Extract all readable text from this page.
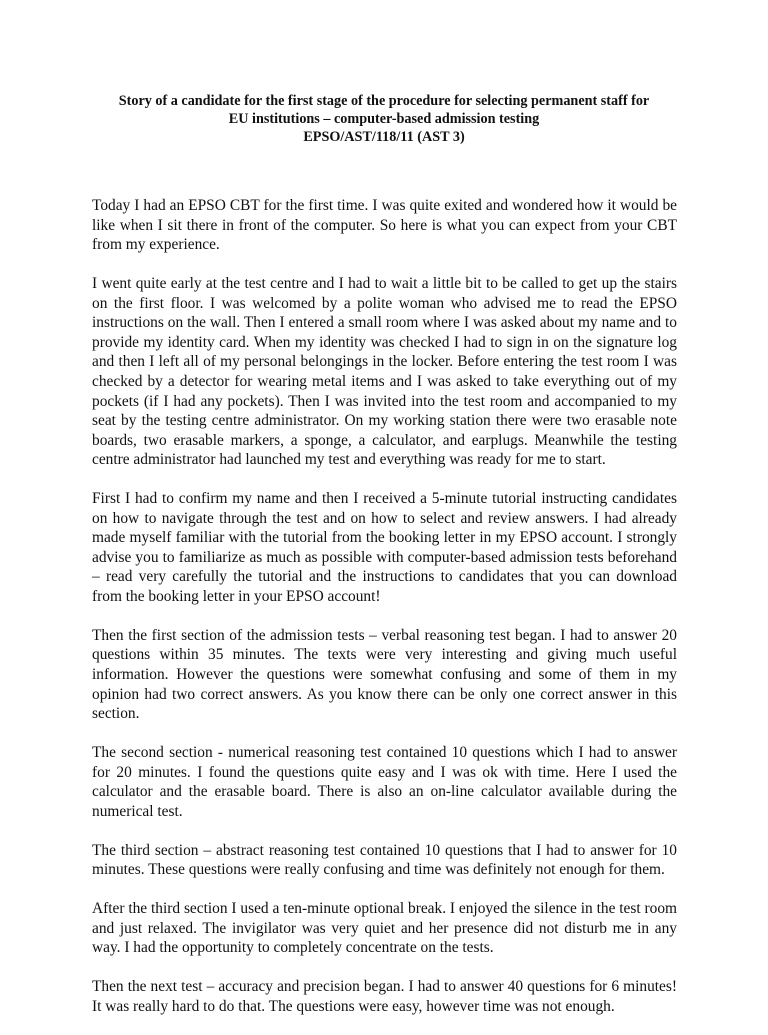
Story of a candidate for the first stage of the procedure for selecting permanent staff for
EU institutions – computer-based admission testing
EPSO/AST/118/11 (AST 3)

Today I had an EPSO CBT for the first time. I was quite exited and wondered how it would be like when I sit there in front of the computer. So here is what you can expect from your CBT from my experience.

I went quite early at the test centre and I had to wait a little bit to be called to get up the stairs on the first floor. I was welcomed by a polite woman who advised me to read the EPSO instructions on the wall. Then I entered a small room where I was asked about my name and to provide my identity card. When my identity was checked I had to sign in on the signature log and then I left all of my personal belongings in the locker. Before entering the test room I was checked by a detector for wearing metal items and I was asked to take everything out of my pockets (if I had any pockets). Then I was invited into the test room and accompanied to my seat by the testing centre administrator. On my working station there were two erasable note boards, two erasable markers, a sponge, a calculator, and earplugs. Meanwhile the testing centre administrator had launched my test and everything was ready for me to start.

First I had to confirm my name and then I received a 5-minute tutorial instructing candidates on how to navigate through the test and on how to select and review answers. I had already made myself familiar with the tutorial from the booking letter in my EPSO account. I strongly advise you to familiarize as much as possible with computer-based admission tests beforehand – read very carefully the tutorial and the instructions to candidates that you can download from the booking letter in your EPSO account!

Then the first section of the admission tests – verbal reasoning test began. I had to answer 20 questions within 35 minutes. The texts were very interesting and giving much useful information. However the questions were somewhat confusing and some of them in my opinion had two correct answers. As you know there can be only one correct answer in this section.

The second section - numerical reasoning test contained 10 questions which I had to answer for 20 minutes. I found the questions quite easy and I was ok with time. Here I used the calculator and the erasable board. There is also an on-line calculator available during the numerical test.

The third section – abstract reasoning test contained 10 questions that I had to answer for 10 minutes. These questions were really confusing and time was definitely not enough for them.

After the third section I used a ten-minute optional break. I enjoyed the silence in the test room and just relaxed. The invigilator was very quiet and her presence did not disturb me in any way. I had the opportunity to completely concentrate on the tests.

Then the next test – accuracy and precision began. I had to answer 40 questions for 6 minutes! It was really hard to do that. The questions were easy, however time was not enough.
